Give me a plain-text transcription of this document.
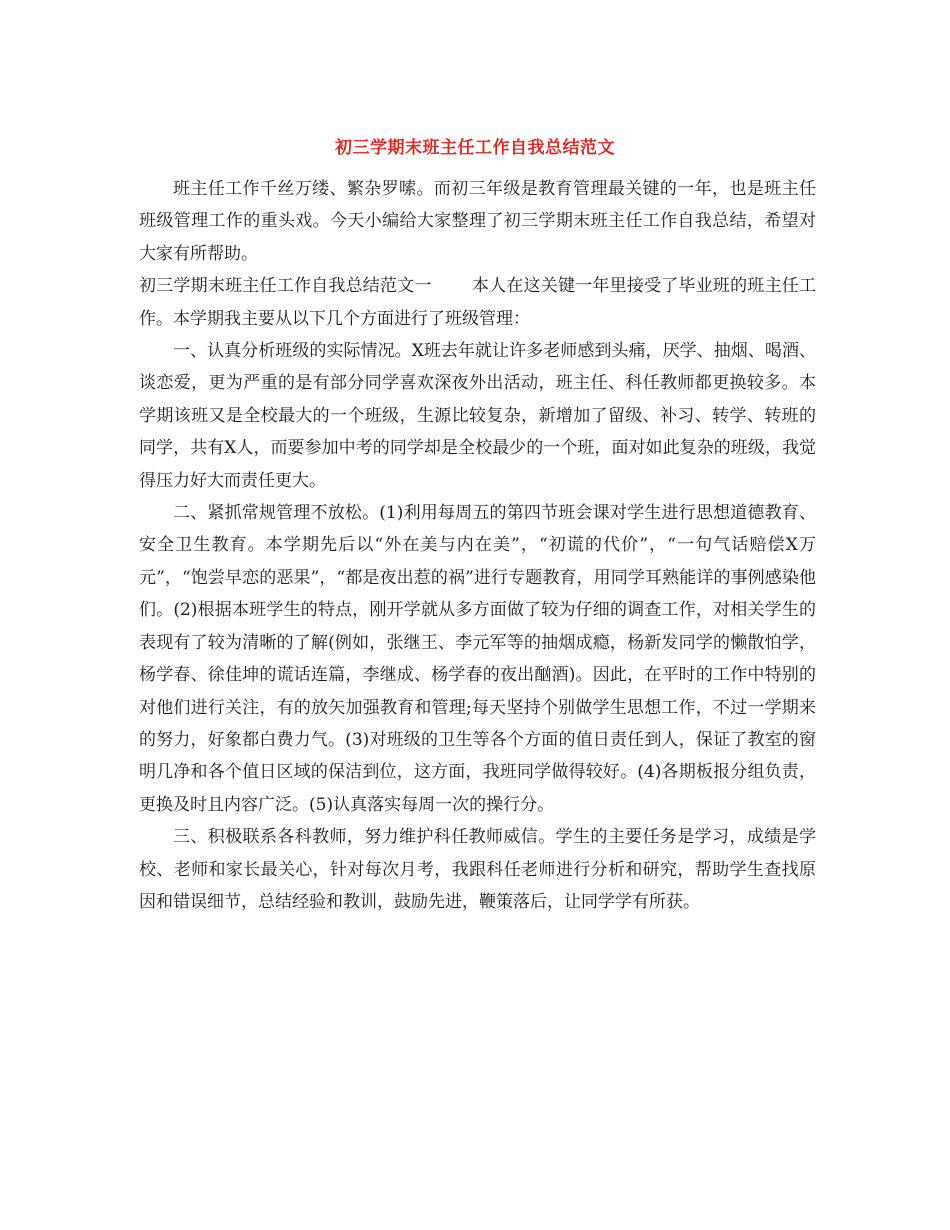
初三学期末班主任工作自我总结范文

班主任工作千丝万缕、繁杂罗嗦。而初三年级是教育管理最关键的一年，也是班主任班级管理工作的重头戏。今天小编给大家整理了初三学期末班主任工作自我总结，希望对大家有所帮助。

初三学期末班主任工作自我总结范文一 本人在这关键一年里接受了毕业班的班主任工作。本学期我主要从以下几个方面进行了班级管理：

一、认真分析班级的实际情况。X班去年就让许多老师感到头痛，厌学、抽烟、喝酒、谈恋爱，更为严重的是有部分同学喜欢深夜外出活动，班主任、科任教师都更换较多。本学期该班又是全校最大的一个班级，生源比较复杂，新增加了留级、补习、转学、转班的同学，共有X人，而要参加中考的同学却是全校最少的一个班，面对如此复杂的班级，我觉得压力好大而责任更大。

二、紧抓常规管理不放松。(1)利用每周五的第四节班会课对学生进行思想道德教育、安全卫生教育。本学期先后以“外在美与内在美”，“初谎的代价”，“一句气话赔偿X万元”，“饱尝早恋的恶果”，“都是夜出惹的祸”进行专题教育，用同学耳熟能详的事例感染他们。(2)根据本班学生的特点，刚开学就从多方面做了较为仔细的调查工作，对相关学生的表现有了较为清晰的了解(例如，张继王、李元军等的抽烟成瘾，杨新发同学的懒散怕学，杨学春、徐佳坤的谎话连篇，李继成、杨学春的夜出酗酒)。因此，在平时的工作中特别的对他们进行关注，有的放矢加强教育和管理;每天坚持个别做学生思想工作，不过一学期来的努力，好象都白费力气。(3)对班级的卫生等各个方面的值日责任到人，保证了教室的窗明几净和各个值日区域的保洁到位，这方面，我班同学做得较好。(4)各期板报分组负责，更换及时且内容广泛。(5)认真落实每周一次的操行分。

三、积极联系各科教师，努力维护科任教师威信。学生的主要任务是学习，成绩是学校、老师和家长最关心，针对每次月考，我跟科任老师进行分析和研究，帮助学生查找原因和错误细节，总结经验和教训，鼓励先进，鞭策落后，让同学学有所获。
